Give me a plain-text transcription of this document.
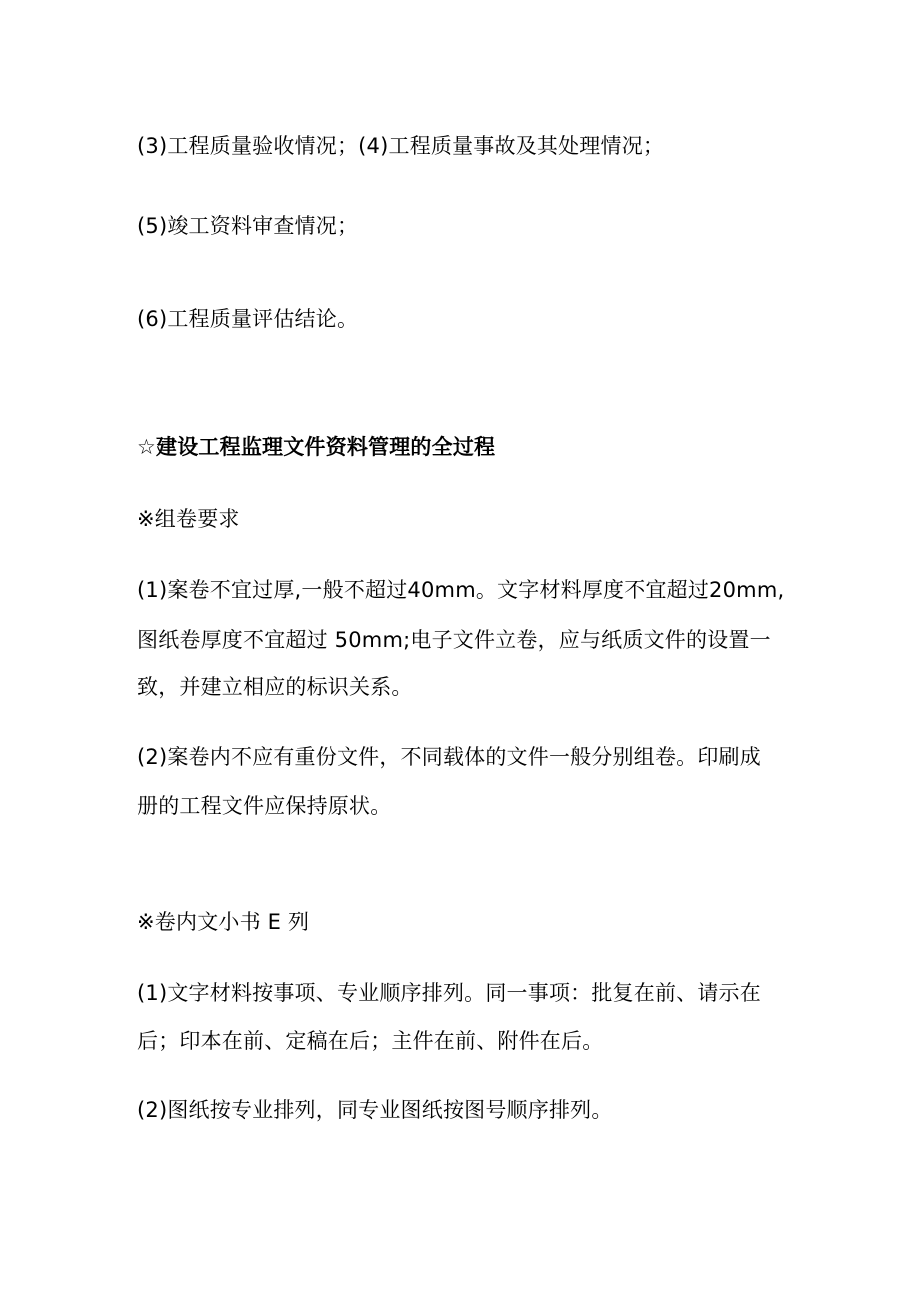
(3)工程质量验收情况；(4)工程质量事故及其处理情况；
(5)竣工资料审查情况；
(6)工程质量评估结论。
☆建设工程监理文件资料管理的全过程
※组卷要求
(1)案卷不宜过厚,一般不超过40mm。文字材料厚度不宜超过20mm,
图纸卷厚度不宜超过 50mm;电子文件立卷，应与纸质文件的设置一
致，并建立相应的标识关系。
(2)案卷内不应有重份文件，不同载体的文件一般分别组卷。印刷成
册的工程文件应保持原状。
※卷内文小书 E 列
(1)文字材料按事项、专业顺序排列。同一事项：批复在前、请示在
后；印本在前、定稿在后；主件在前、附件在后。
(2)图纸按专业排列，同专业图纸按图号顺序排列。
